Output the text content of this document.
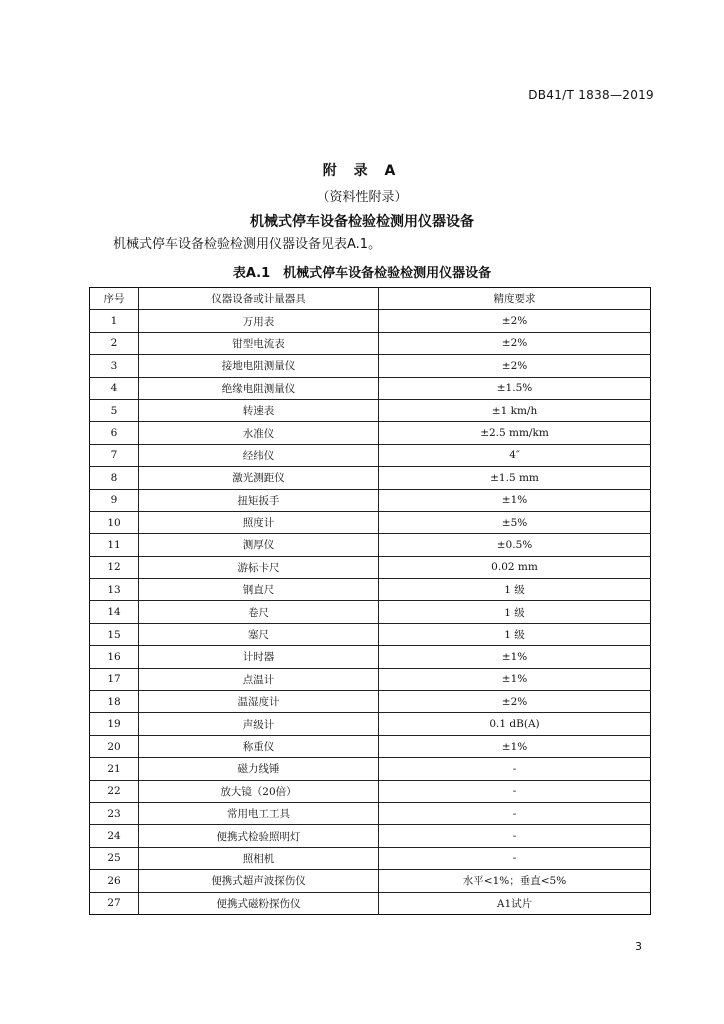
DB41/T 1838—2019
附 录 A
（资料性附录）
机械式停车设备检验检测用仪器设备
机械式停车设备检验检测用仪器设备见表A.1。
表A.1　机械式停车设备检验检测用仪器设备
序号	仪器设备或计量器具	精度要求
1	万用表	±2%
2	钳型电流表	±2%
3	接地电阻测量仪	±2%
4	绝缘电阻测量仪	±1.5%
5	转速表	±1 km/h
6	水准仪	±2.5 mm/km
7	经纬仪	4″
8	激光测距仪	±1.5 mm
9	扭矩扳手	±1%
10	照度计	±5%
11	测厚仪	±0.5%
12	游标卡尺	0.02 mm
13	钢直尺	1 级
14	卷尺	1 级
15	塞尺	1 级
16	计时器	±1%
17	点温计	±1%
18	温湿度计	±2%
19	声级计	0.1 dB(A)
20	称重仪	±1%
21	磁力线锤	-
22	放大镜（20倍）	-
23	常用电工工具	-
24	便携式检验照明灯	-
25	照相机	-
26	便携式超声波探伤仪	水平<1%；垂直<5%
27	便携式磁粉探伤仪	A1试片
3
